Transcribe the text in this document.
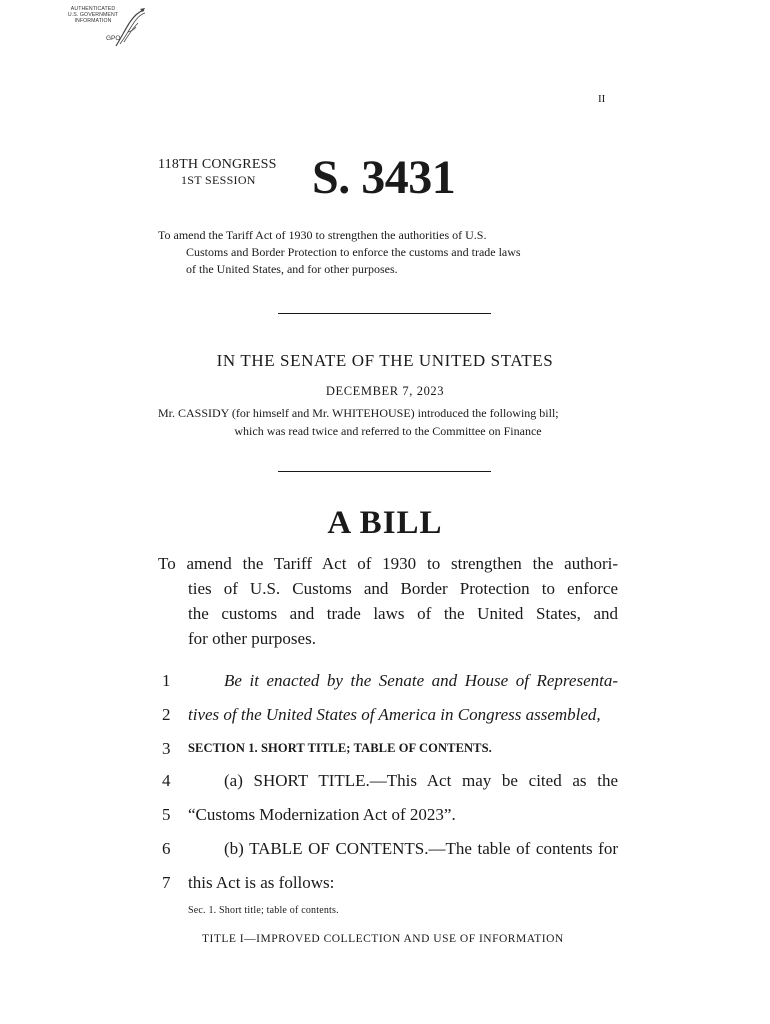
AUTHENTICATED
U.S. GOVERNMENT
INFORMATION
GPO
II
118TH CONGRESS
1ST SESSION S. 3431
To amend the Tariff Act of 1930 to strengthen the authorities of U.S.
Customs and Border Protection to enforce the customs and trade laws
of the United States, and for other purposes.
IN THE SENATE OF THE UNITED STATES
DECEMBER 7, 2023
Mr. CASSIDY (for himself and Mr. WHITEHOUSE) introduced the following bill;
which was read twice and referred to the Committee on Finance
A BILL
To amend the Tariff Act of 1930 to strengthen the authori-
ties of U.S. Customs and Border Protection to enforce
the customs and trade laws of the United States, and
for other purposes.
1	Be it enacted by the Senate and House of Representa-
2	tives of the United States of America in Congress assembled,
3	SECTION 1. SHORT TITLE; TABLE OF CONTENTS.
4	(a) SHORT TITLE.—This Act may be cited as the
5	“Customs Modernization Act of 2023”.
6	(b) TABLE OF CONTENTS.—The table of contents for
7	this Act is as follows:
Sec. 1. Short title; table of contents.
TITLE I—IMPROVED COLLECTION AND USE OF INFORMATION
